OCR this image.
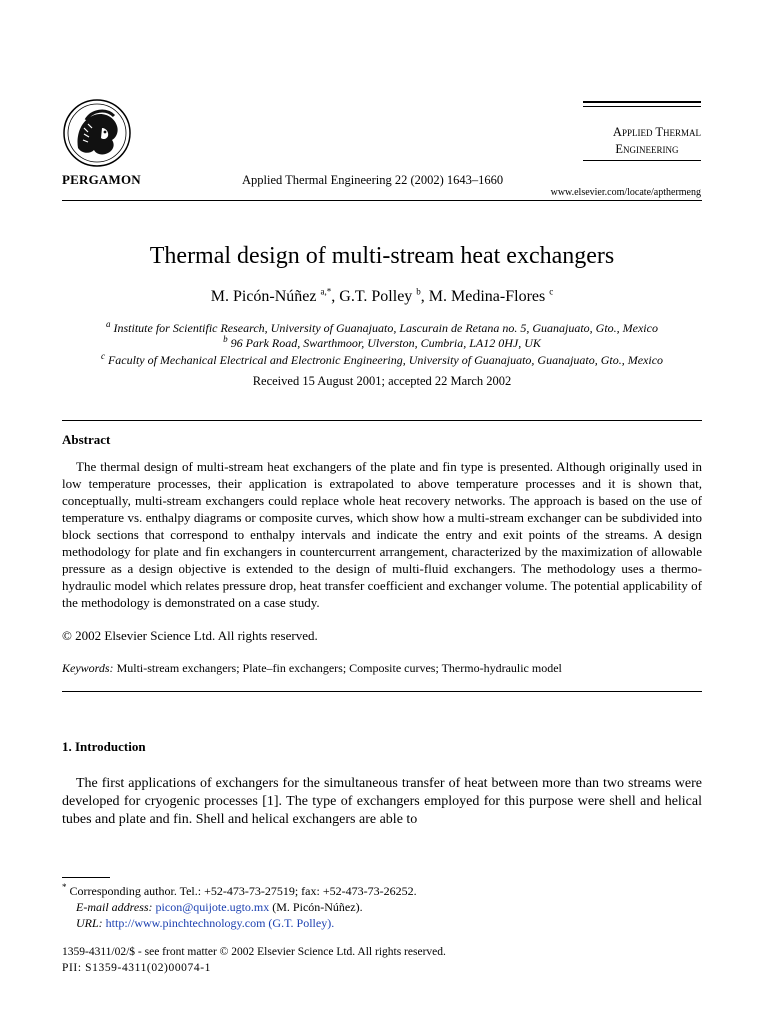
PERGAMON	Applied Thermal Engineering 22 (2002) 1643–1660
Applied Thermal
Engineering
www.elsevier.com/locate/apthermeng
Thermal design of multi-stream heat exchangers
M. Picón-Núñez $^{a,*}$, G.T. Polley $^b$, M. Medina-Flores $^c$
$^a$ Institute for Scientific Research, University of Guanajuato, Lascurain de Retana no. 5, Guanajuato, Gto., Mexico
$^b$ 96 Park Road, Swarthmoor, Ulverston, Cumbria, LA12 0HJ, UK
$^c$ Faculty of Mechanical Electrical and Electronic Engineering, University of Guanajuato, Guanajuato, Gto., Mexico
Received 15 August 2001; accepted 22 March 2002
Abstract
The thermal design of multi-stream heat exchangers of the plate and fin type is presented. Although originally used in low temperature processes, their application is extrapolated to above temperature processes and it is shown that, conceptually, multi-stream exchangers could replace whole heat recovery networks. The approach is based on the use of temperature vs. enthalpy diagrams or composite curves, which show how a multi-stream exchanger can be subdivided into block sections that correspond to enthalpy intervals and indicate the entry and exit points of the streams. A design methodology for plate and fin exchangers in countercurrent arrangement, characterized by the maximization of allowable pressure as a design objective is extended to the design of multi-fluid exchangers. The methodology uses a thermo-hydraulic model which relates pressure drop, heat transfer coefficient and exchanger volume. The potential applicability of the methodology is demonstrated on a case study.
© 2002 Elsevier Science Ltd. All rights reserved.
Keywords: Multi-stream exchangers; Plate–fin exchangers; Composite curves; Thermo-hydraulic model
1. Introduction
The first applications of exchangers for the simultaneous transfer of heat between more than two streams were developed for cryogenic processes [1]. The type of exchangers employed for this purpose were shell and helical tubes and plate and fin. Shell and helical exchangers are able to
* Corresponding author. Tel.: +52-473-73-27519; fax: +52-473-73-26252.
E-mail address: picon@quijote.ugto.mx (M. Picón-Núñez).
URL: http://www.pinchtechnology.com (G.T. Polley).
1359-4311/02/$ - see front matter © 2002 Elsevier Science Ltd. All rights reserved.
PII: S1359-4311(02)00074-1
